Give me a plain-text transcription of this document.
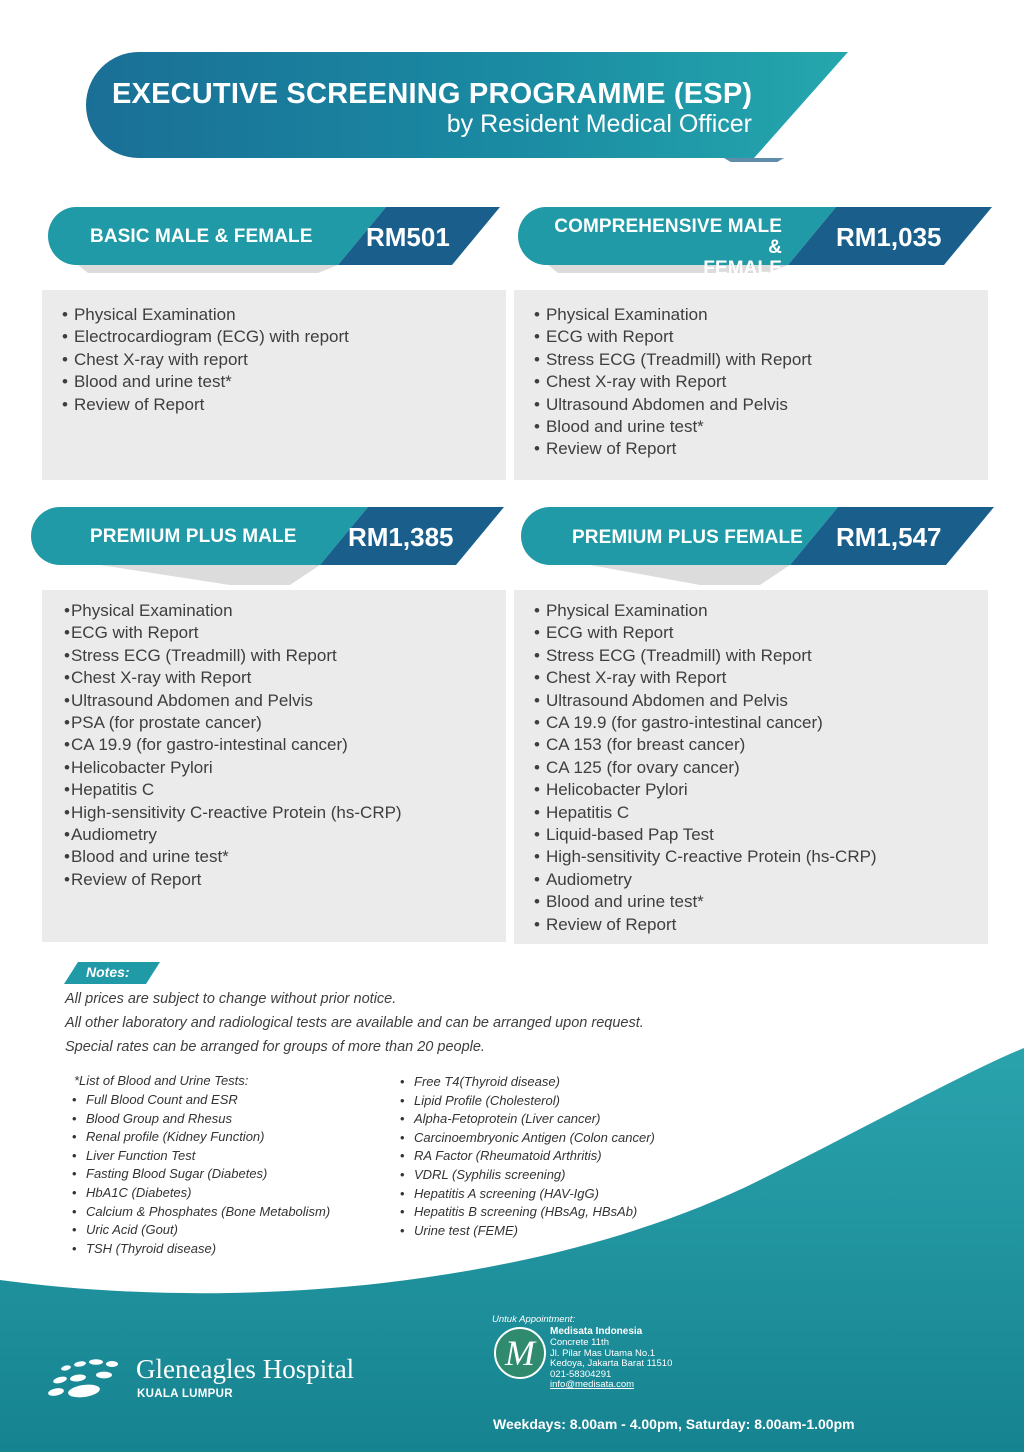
EXECUTIVE SCREENING PROGRAMME (ESP)
by Resident Medical Officer
BASIC MALE & FEMALE RM501
• Physical Examination
• Electrocardiogram (ECG) with report
• Chest X-ray with report
• Blood and urine test*
• Review of Report
COMPREHENSIVE MALE &
FEMALE
RM1,035
• Physical Examination
• ECG with Report
• Stress ECG (Treadmill) with Report
• Chest X-ray with Report
• Ultrasound Abdomen and Pelvis
• Blood and urine test*
• Review of Report
PREMIUM PLUS MALE RM1,385
•Physical Examination
•ECG with Report
•Stress ECG (Treadmill) with Report
•Chest X-ray with Report
•Ultrasound Abdomen and Pelvis
•PSA (for prostate cancer)
•CA 19.9 (for gastro-intestinal cancer)
•Helicobacter Pylori
•Hepatitis C
•High-sensitivity C-reactive Protein (hs-CRP)
•Audiometry
•Blood and urine test*
•Review of Report
PREMIUM PLUS FEMALE RM1,547
• Physical Examination
• ECG with Report
• Stress ECG (Treadmill) with Report
• Chest X-ray with Report
• Ultrasound Abdomen and Pelvis
• CA 19.9 (for gastro-intestinal cancer)
• CA 153 (for breast cancer)
• CA 125 (for ovary cancer)
• Helicobacter Pylori
• Hepatitis C
• Liquid-based Pap Test
• High-sensitivity C-reactive Protein (hs-CRP)
• Audiometry
• Blood and urine test*
• Review of Report
Notes:
All prices are subject to change without prior notice.
All other laboratory and radiological tests are available and can be arranged upon request.
Special rates can be arranged for groups of more than 20 people.
*List of Blood and Urine Tests:
• Full Blood Count and ESR
• Blood Group and Rhesus
• Renal profile (Kidney Function)
• Liver Function Test
• Fasting Blood Sugar (Diabetes)
• HbA1C (Diabetes)
• Calcium & Phosphates (Bone Metabolism)
• Uric Acid (Gout)
• TSH (Thyroid disease)
• Free T4(Thyroid disease)
• Lipid Profile (Cholesterol)
• Alpha-Fetoprotein (Liver cancer)
• Carcinoembryonic Antigen (Colon cancer)
• RA Factor (Rheumatoid Arthritis)
• VDRL (Syphilis screening)
• Hepatitis A screening (HAV-IgG)
• Hepatitis B screening (HBsAg, HBsAb)
• Urine test (FEME)
Gleneagles Hospital
KUALA LUMPUR
Untuk Appointment:
M
Medisata Indonesia
Concrete 11th
Jl. Pilar Mas Utama No.1
Kedoya, Jakarta Barat 11510
021-58304291
info@medisata.com
Weekdays: 8.00am - 4.00pm, Saturday: 8.00am-1.00pm
